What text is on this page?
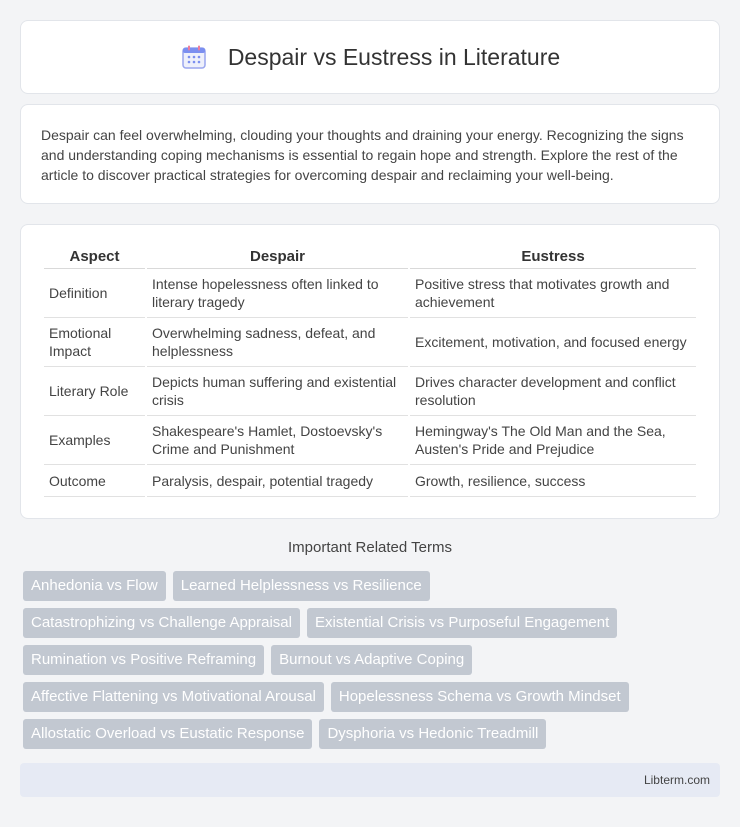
Despair vs Eustress in Literature

Despair can feel overwhelming, clouding your thoughts and draining your energy. Recognizing the signs and understanding coping mechanisms is essential to regain hope and strength. Explore the rest of the article to discover practical strategies for overcoming despair and reclaiming your well-being.

Aspect	Despair	Eustress
Definition	Intense hopelessness often linked to literary tragedy	Positive stress that motivates growth and achievement
Emotional Impact	Overwhelming sadness, defeat, and helplessness	Excitement, motivation, and focused energy
Literary Role	Depicts human suffering and existential crisis	Drives character development and conflict resolution
Examples	Shakespeare's Hamlet, Dostoevsky's Crime and Punishment	Hemingway's The Old Man and the Sea, Austen's Pride and Prejudice
Outcome	Paralysis, despair, potential tragedy	Growth, resilience, success
Important Related Terms
Anhedonia vs Flow	Learned Helplessness vs Resilience
Catastrophizing vs Challenge Appraisal	Existential Crisis vs Purposeful Engagement
Rumination vs Positive Reframing	Burnout vs Adaptive Coping
Affective Flattening vs Motivational Arousal	Hopelessness Schema vs Growth Mindset
Allostatic Overload vs Eustatic Response	Dysphoria vs Hedonic Treadmill
Libterm.com
